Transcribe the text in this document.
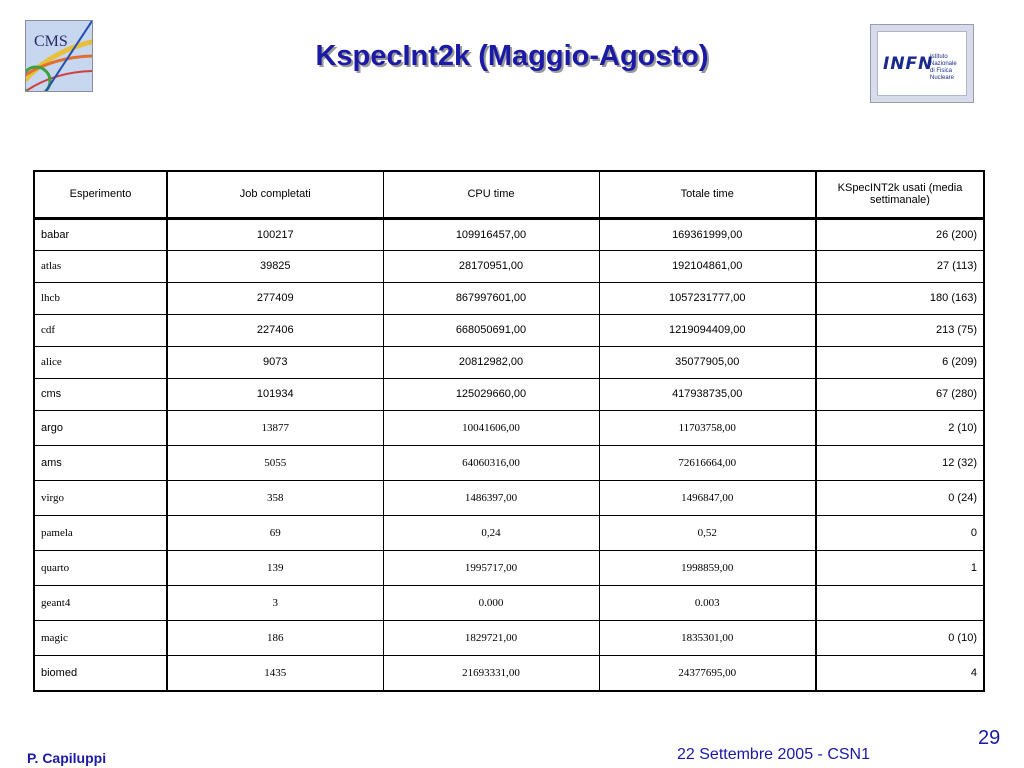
CMS	KspecInt2k (Maggio-Agosto)	INFN
Istituto Nazionale
di Fisica Nucleare
Esperimento	Job completati	CPU time	Totale time	KSpecINT2k usati (media settimanale)
babar	100217	109916457,00	169361999,00	26 (200)
atlas	39825	28170951,00	192104861,00	27 (113)
lhcb	277409	867997601,00	1057231777,00	180 (163)
cdf	227406	668050691,00	1219094409,00	213 (75)
alice	9073	20812982,00	35077905,00	6 (209)
cms	101934	125029660,00	417938735,00	67 (280)
argo	13877	10041606,00	11703758,00	2 (10)
ams	5055	64060316,00	72616664,00	12 (32)
virgo	358	1486397,00	1496847,00	0 (24)
pamela	69	0,24	0,52	0
quarto	139	1995717,00	1998859,00	1
geant4	3	0.000	0.003	
magic	186	1829721,00	1835301,00	0 (10)
biomed	1435	21693331,00	24377695,00	4
29
P. Capiluppi	22 Settembre 2005 - CSN1
